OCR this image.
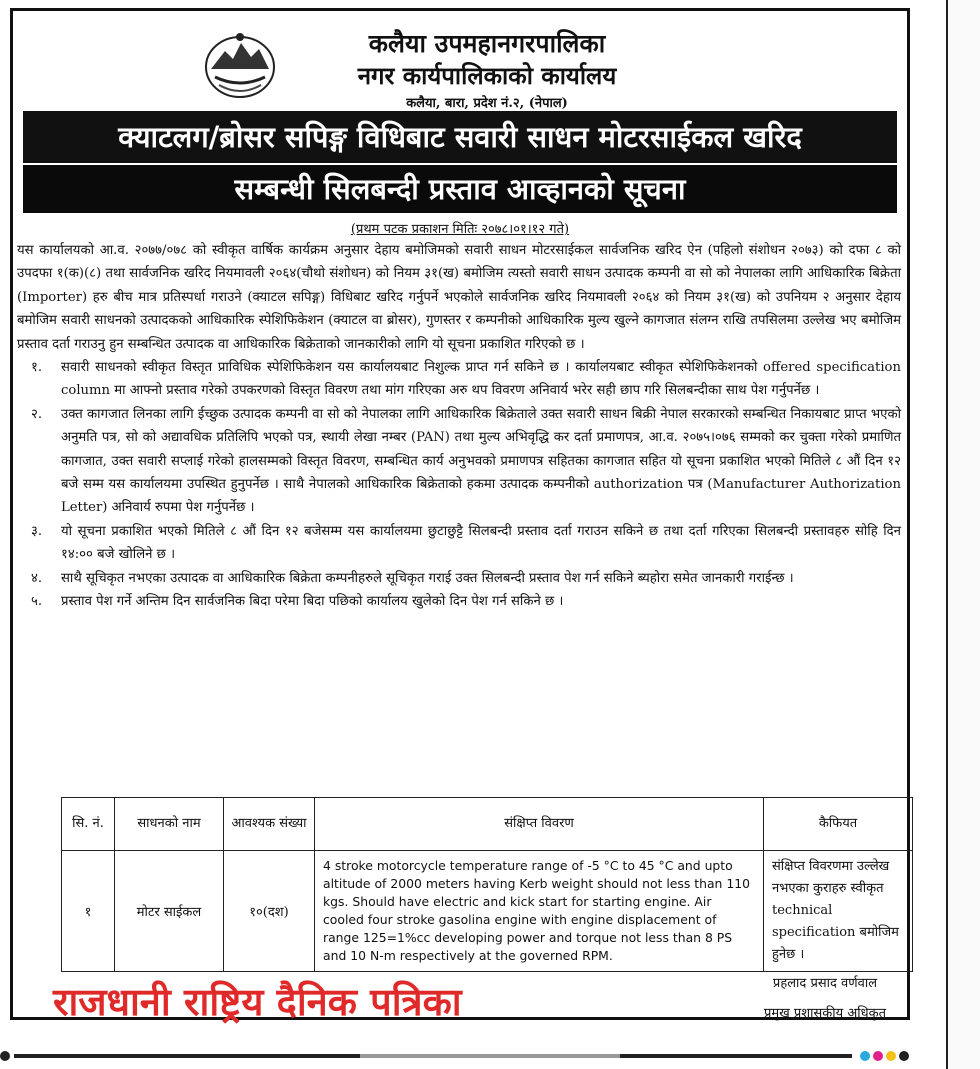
कलैया उपमहानगरपालिका
नगर कार्यपालिकाको कार्यालय
कलैया, बारा, प्रदेश नं.२, (नेपाल)
क्याटलग/ब्रोसर सपिङ्ग विधिबाट सवारी साधन मोटरसाईकल खरिद
सम्बन्धी सिलबन्दी प्रस्ताव आव्हानको सूचना
(प्रथम पटक प्रकाशन मितिः २०७८।०१।१२ गते)

यस कार्यालयको आ.व. २०७७/०७८ को स्वीकृत वार्षिक कार्यक्रम अनुसार देहाय बमोजिमको सवारी साधन मोटरसाईकल सार्वजनिक खरिद ऐन (पहिलो संशोधन २०७३) को दफा ८ को उपदफा १(क)(८) तथा सार्वजनिक खरिद नियमावली २०६४(चौथो संशोधन) को नियम ३१(ख) बमोजिम त्यस्तो सवारी साधन उत्पादक कम्पनी वा सो को नेपालका लागि आधिकारिक बिक्रेता (Importer) हरु बीच मात्र प्रतिस्पर्धा गराउने (क्याटल सपिङ्ग) विधिबाट खरिद गर्नुपर्ने भएकोले सार्वजनिक खरिद नियमावली २०६४ को नियम ३१(ख) को उपनियम २ अनुसार देहाय बमोजिम सवारी साधनको उत्पादकको आधिकारिक स्पेशिफिकेशन (क्याटल वा ब्रोसर), गुणस्तर र कम्पनीको आधिकारिक मुल्य खुल्ने कागजात संलग्न राखि तपसिलमा उल्लेख भए बमोजिम प्रस्ताव दर्ता गराउनु हुन सम्बन्धित उत्पादक वा आधिकारिक बिक्रेताको जानकारीको लागि यो सूचना प्रकाशित गरिएको छ ।

१.	सवारी साधनको स्वीकृत विस्तृत प्राविधिक स्पेशिफिकेशन यस कार्यालयबाट निशुल्क प्राप्त गर्न सकिने छ । कार्यालयबाट स्वीकृत स्पेशिफिकेशनको offered specification column मा आफ्नो प्रस्ताव गरेको उपकरणको विस्तृत विवरण तथा मांग गरिएका अरु थप विवरण अनिवार्य भरेर सही छाप गरि सिलबन्दीका साथ पेश गर्नुपर्नेछ ।

२.	उक्त कागजात लिनका लागि ईच्छुक उत्पादक कम्पनी वा सो को नेपालका लागि आधिकारिक बिक्रेताले उक्त सवारी साधन बिक्री नेपाल सरकारको सम्बन्धित निकायबाट प्राप्त भएको अनुमति पत्र, सो को अद्यावधिक प्रतिलिपि भएको पत्र, स्थायी लेखा नम्बर (PAN) तथा मुल्य अभिवृद्धि कर दर्ता प्रमाणपत्र, आ.व. २०७५।०७६ सम्मको कर चुक्ता गरेको प्रमाणित कागजात, उक्त सवारी सप्लाई गरेको हालसम्मको विस्तृत विवरण, सम्बन्धित कार्य अनुभवको प्रमाणपत्र सहितका कागजात सहित यो सूचना प्रकाशित भएको मितिले ८ औं दिन १२ बजे सम्म यस कार्यालयमा उपस्थित हुनुपर्नेछ । साथै नेपालको आधिकारिक बिक्रेताको हकमा उत्पादक कम्पनीको authorization पत्र (Manufacturer Authorization Letter) अनिवार्य रुपमा पेश गर्नुपर्नेछ ।

३.	यो सूचना प्रकाशित भएको मितिले ८ औं दिन १२ बजेसम्म यस कार्यालयमा छुटाछुट्टै सिलबन्दी प्रस्ताव दर्ता गराउन सकिने छ तथा दर्ता गरिएका सिलबन्दी प्रस्तावहरु सोहि दिन १४:०० बजे खोलिने छ ।

४.	साथै सूचिकृत नभएका उत्पादक वा आधिकारिक बिक्रेता कम्पनीहरुले सूचिकृत गराई उक्त सिलबन्दी प्रस्ताव पेश गर्न सकिने ब्यहोरा समेत जानकारी गराईन्छ ।

५.	प्रस्ताव पेश गर्ने अन्तिम दिन सार्वजनिक बिदा परेमा बिदा पछिको कार्यालय खुलेको दिन पेश गर्न सकिने छ ।

सि. नं.	साधनको नाम	आवश्यक संख्या	संक्षिप्त विवरण	कैफियत
१	मोटर साईकल	१०(दश)	4 stroke motorcycle temperature range of -5 °C to 45 °C and upto altitude of 2000 meters having Kerb weight should not less than 110 kgs. Should have electric and kick start for starting engine. Air cooled four stroke gasolina engine with engine displacement of range 125=1%cc developing power and torque not less than 8 PS and 10 N-m respectively at the governed RPM.	संक्षिप्त विवरणमा उल्लेख नभएका कुराहरु स्वीकृत technical specification बमोजिम हुनेछ ।
राजधानी राष्ट्रिय दैनिक पत्रिका	प्रहलाद प्रसाद वर्णवाल
प्रमुख प्रशासकीय अधिकृत
